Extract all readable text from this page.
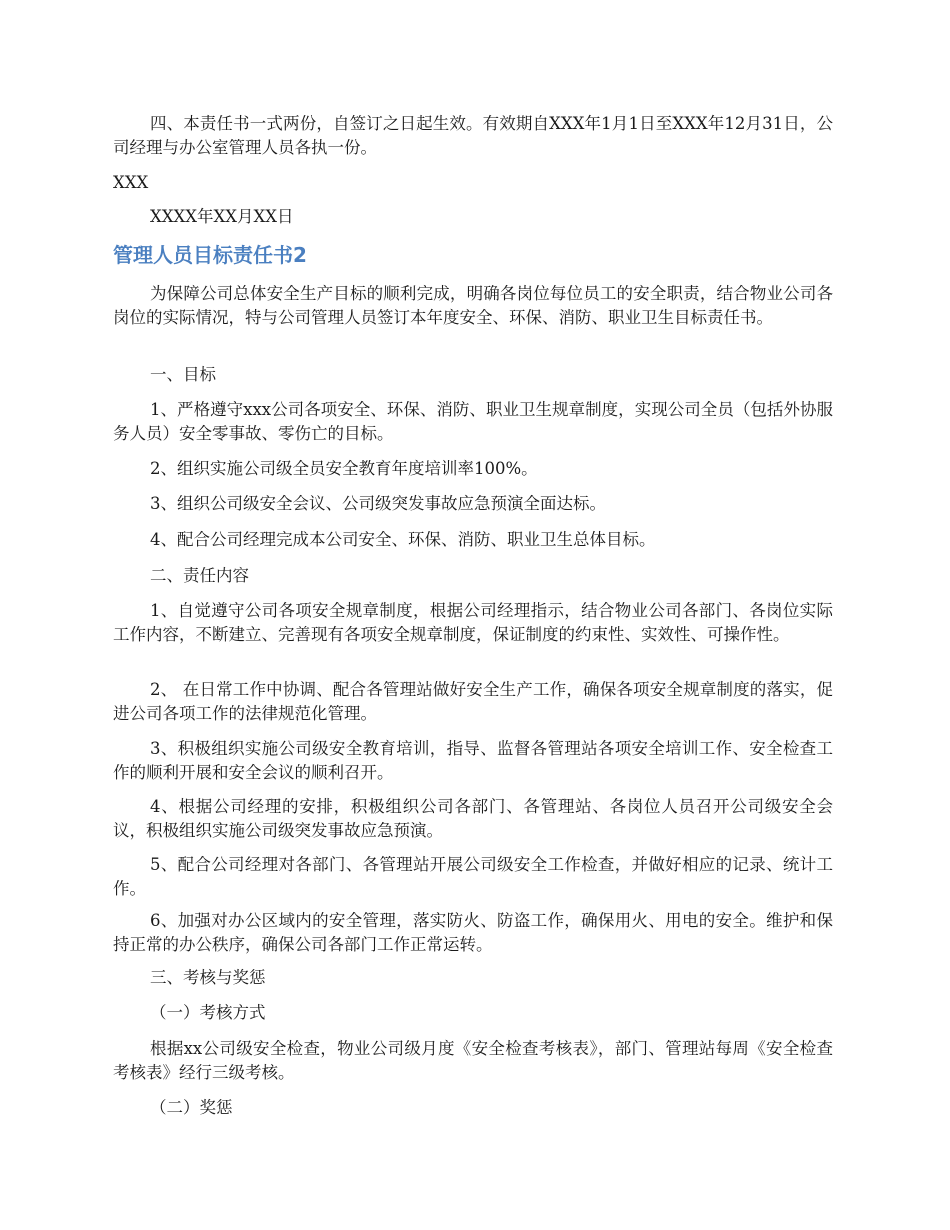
四、本责任书一式两份，自签订之日起生效。有效期自XXX年1月1日至XXX年12月31日，公司经理与办公室管理人员各执一份。

XXX

XXXX年XX月XX日

管理人员目标责任书2

为保障公司总体安全生产目标的顺利完成，明确各岗位每位员工的安全职责，结合物业公司各岗位的实际情况，特与公司管理人员签订本年度安全、环保、消防、职业卫生目标责任书。

一、目标

1、严格遵守xxx公司各项安全、环保、消防、职业卫生规章制度，实现公司全员（包括外协服务人员）安全零事故、零伤亡的目标。

2、组织实施公司级全员安全教育年度培训率100%。

3、组织公司级安全会议、公司级突发事故应急预演全面达标。

4、配合公司经理完成本公司安全、环保、消防、职业卫生总体目标。

二、责任内容

1、自觉遵守公司各项安全规章制度，根据公司经理指示，结合物业公司各部门、各岗位实际工作内容，不断建立、完善现有各项安全规章制度，保证制度的约束性、实效性、可操作性。

2、 在日常工作中协调、配合各管理站做好安全生产工作，确保各项安全规章制度的落实，促进公司各项工作的法律规范化管理。

3、积极组织实施公司级安全教育培训，指导、监督各管理站各项安全培训工作、安全检查工作的顺利开展和安全会议的顺利召开。

4、根据公司经理的安排，积极组织公司各部门、各管理站、各岗位人员召开公司级安全会议，积极组织实施公司级突发事故应急预演。

5、配合公司经理对各部门、各管理站开展公司级安全工作检查，并做好相应的记录、统计工作。

6、加强对办公区域内的安全管理，落实防火、防盗工作，确保用火、用电的安全。维护和保持正常的办公秩序，确保公司各部门工作正常运转。

三、考核与奖惩

（一）考核方式

根据xx公司级安全检查，物业公司级月度《安全检查考核表》，部门、管理站每周《安全检查考核表》经行三级考核。

（二）奖惩
